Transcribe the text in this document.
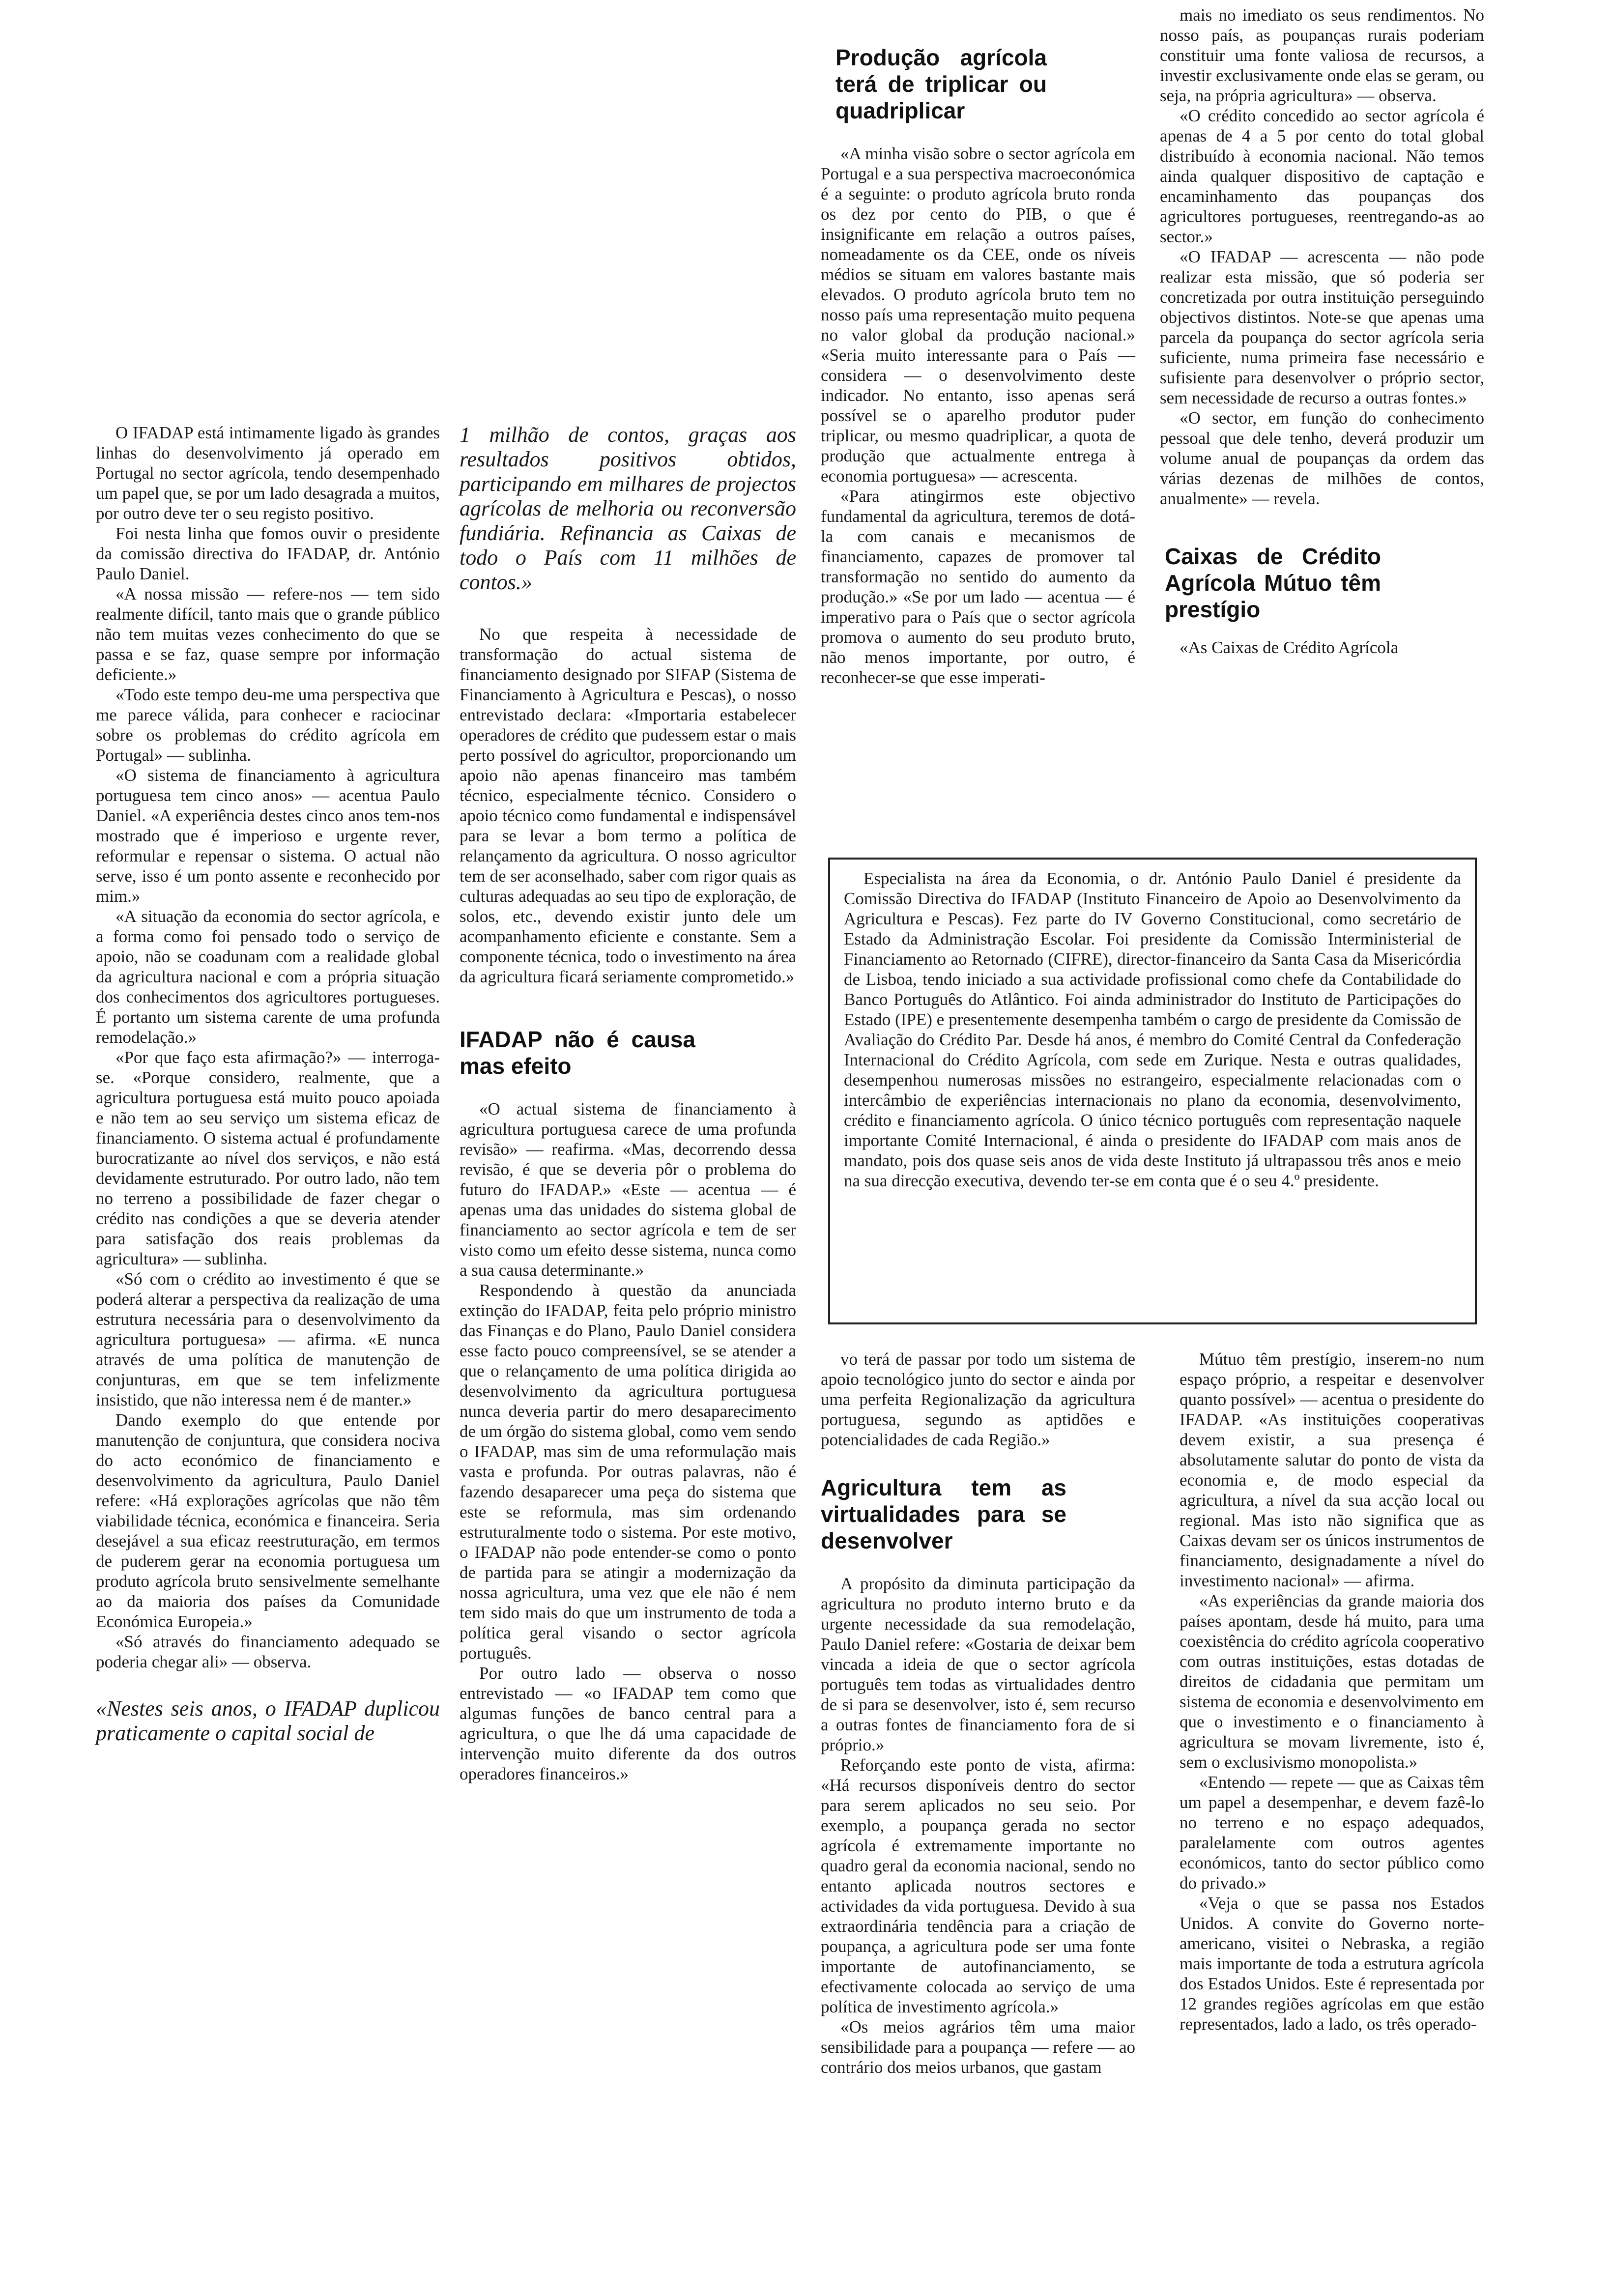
O IFADAP está intimamente ligado às grandes linhas do desenvolvimento já operado em Portugal no sector agrícola, tendo desempenhado um papel que, se por um lado desagrada a muitos, por outro deve ter o seu registo positivo.

Foi nesta linha que fomos ouvir o presidente da comissão directiva do IFADAP, dr. António Paulo Daniel.

«A nossa missão — refere-nos — tem sido realmente difícil, tanto mais que o grande público não tem muitas vezes conhecimento do que se passa e se faz, quase sempre por informação deficiente.»

«Todo este tempo deu-me uma perspectiva que me parece válida, para conhecer e raciocinar sobre os problemas do crédito agrícola em Portugal» — sublinha.

«O sistema de financiamento à agricultura portuguesa tem cinco anos» — acentua Paulo Daniel. «A experiência destes cinco anos tem-nos mostrado que é imperioso e urgente rever, reformular e repensar o sistema. O actual não serve, isso é um ponto assente e reconhecido por mim.»

«A situação da economia do sector agrícola, e a forma como foi pensado todo o serviço de apoio, não se coadunam com a realidade global da agricultura nacional e com a própria situação dos conhecimentos dos agricultores portugueses. É portanto um sistema carente de uma profunda remodelação.»

«Por que faço esta afirmação?» — interroga-se. «Porque considero, realmente, que a agricultura portuguesa está muito pouco apoiada e não tem ao seu serviço um sistema eficaz de financiamento. O sistema actual é profundamente burocratizante ao nível dos serviços, e não está devidamente estruturado. Por outro lado, não tem no terreno a possibilidade de fazer chegar o crédito nas condições a que se deveria atender para satisfação dos reais problemas da agricultura» — sublinha.

«Só com o crédito ao investimento é que se poderá alterar a perspectiva da realização de uma estrutura necessária para o desenvolvimento da agricultura portuguesa» — afirma. «E nunca através de uma política de manutenção de conjunturas, em que se tem infelizmente insistido, que não interessa nem é de manter.»

Dando exemplo do que entende por manutenção de conjuntura, que considera nociva do acto económico de financiamento e desenvolvimento da agricultura, Paulo Daniel refere: «Há explorações agrícolas que não têm viabilidade técnica, económica e financeira. Seria desejável a sua eficaz reestruturação, em termos de puderem gerar na economia portuguesa um produto agrícola bruto sensivelmente semelhante ao da maioria dos países da Comunidade Económica Europeia.»

«Só através do financiamento adequado se poderia chegar ali» — observa.

«Nestes seis anos, o IFADAP duplicou praticamente o capital social de

1 milhão de contos, graças aos resultados positivos obtidos, participando em milhares de projectos agrícolas de melhoria ou reconversão fundiária. Refinancia as Caixas de todo o País com 11 milhões de contos.»

No que respeita à necessidade de transformação do actual sistema de financiamento designado por SIFAP (Sistema de Financiamento à Agricultura e Pescas), o nosso entrevistado declara: «Importaria estabelecer operadores de crédito que pudessem estar o mais perto possível do agricultor, proporcionando um apoio não apenas financeiro mas também técnico, especialmente técnico. Considero o apoio técnico como fundamental e indispensável para se levar a bom termo a política de relançamento da agricultura. O nosso agricultor tem de ser aconselhado, saber com rigor quais as culturas adequadas ao seu tipo de exploração, de solos, etc., devendo existir junto dele um acompanhamento eficiente e constante. Sem a componente técnica, todo o investimento na área da agricultura ficará seriamente comprometido.»

IFADAP não é causa mas efeito

«O actual sistema de financiamento à agricultura portuguesa carece de uma profunda revisão» — reafirma. «Mas, decorrendo dessa revisão, é que se deveria pôr o problema do futuro do IFADAP.» «Este — acentua — é apenas uma das unidades do sistema global de financiamento ao sector agrícola e tem de ser visto como um efeito desse sistema, nunca como a sua causa determinante.»

Respondendo à questão da anunciada extinção do IFADAP, feita pelo próprio ministro das Finanças e do Plano, Paulo Daniel considera esse facto pouco compreensível, se se atender a que o relançamento de uma política dirigida ao desenvolvimento da agricultura portuguesa nunca deveria partir do mero desaparecimento de um órgão do sistema global, como vem sendo o IFADAP, mas sim de uma reformulação mais vasta e profunda. Por outras palavras, não é fazendo desaparecer uma peça do sistema que este se reformula, mas sim ordenando estruturalmente todo o sistema. Por este motivo, o IFADAP não pode entender-se como o ponto de partida para se atingir a modernização da nossa agricultura, uma vez que ele não é nem tem sido mais do que um instrumento de toda a política geral visando o sector agrícola português.

Por outro lado — observa o nosso entrevistado — «o IFADAP tem como que algumas funções de banco central para a agricultura, o que lhe dá uma capacidade de intervenção muito diferente da dos outros operadores financeiros.»

Produção agrícola terá de triplicar ou quadriplicar

«A minha visão sobre o sector agrícola em Portugal e a sua perspectiva macroeconómica é a seguinte: o produto agrícola bruto ronda os dez por cento do PIB, o que é insignificante em relação a outros países, nomeadamente os da CEE, onde os níveis médios se situam em valores bastante mais elevados. O produto agrícola bruto tem no nosso país uma representação muito pequena no valor global da produção nacional.» «Seria muito interessante para o País — considera — o desenvolvimento deste indicador. No entanto, isso apenas será possível se o aparelho produtor puder triplicar, ou mesmo quadriplicar, a quota de produção que actualmente entrega à economia portuguesa» — acrescenta.

«Para atingirmos este objectivo fundamental da agricultura, teremos de dotá-la com canais e mecanismos de financiamento, capazes de promover tal transformação no sentido do aumento da produção.» «Se por um lado — acentua — é imperativo para o País que o sector agrícola promova o aumento do seu produto bruto, não menos importante, por outro, é reconhecer-se que esse imperati-

Especialista na área da Economia, o dr. António Paulo Daniel é presidente da Comissão Directiva do IFADAP (Instituto Financeiro de Apoio ao Desenvolvimento da Agricultura e Pescas). Fez parte do IV Governo Constitucional, como secretário de Estado da Administração Escolar. Foi presidente da Comissão Interministerial de Financiamento ao Retornado (CIFRE), director-financeiro da Santa Casa da Misericórdia de Lisboa, tendo iniciado a sua actividade profissional como chefe da Contabilidade do Banco Português do Atlântico. Foi ainda administrador do Instituto de Participações do Estado (IPE) e presentemente desempenha também o cargo de presidente da Comissão de Avaliação do Crédito Par. Desde há anos, é membro do Comité Central da Confederação Internacional do Crédito Agrícola, com sede em Zurique. Nesta e outras qualidades, desempenhou numerosas missões no estrangeiro, especialmente relacionadas com o intercâmbio de experiências internacionais no plano da economia, desenvolvimento, crédito e financiamento agrícola. O único técnico português com representação naquele importante Comité Internacional, é ainda o presidente do IFADAP com mais anos de mandato, pois dos quase seis anos de vida deste Instituto já ultrapassou três anos e meio na sua direcção executiva, devendo ter-se em conta que é o seu 4.º presidente.

vo terá de passar por todo um sistema de apoio tecnológico junto do sector e ainda por uma perfeita Regionalização da agricultura portuguesa, segundo as aptidões e potencialidades de cada Região.»

Agricultura tem as virtualidades para se desenvolver

A propósito da diminuta participação da agricultura no produto interno bruto e da urgente necessidade da sua remodelação, Paulo Daniel refere: «Gostaria de deixar bem vincada a ideia de que o sector agrícola português tem todas as virtualidades dentro de si para se desenvolver, isto é, sem recurso a outras fontes de financiamento fora de si próprio.»

Reforçando este ponto de vista, afirma: «Há recursos disponíveis dentro do sector para serem aplicados no seu seio. Por exemplo, a poupança gerada no sector agrícola é extremamente importante no quadro geral da economia nacional, sendo no entanto aplicada noutros sectores e actividades da vida portuguesa. Devido à sua extraordinária tendência para a criação de poupança, a agricultura pode ser uma fonte importante de autofinanciamento, se efectivamente colocada ao serviço de uma política de investimento agrícola.»

«Os meios agrários têm uma maior sensibilidade para a poupança — refere — ao contrário dos meios urbanos, que gastam

mais no imediato os seus rendimentos. No nosso país, as poupanças rurais poderiam constituir uma fonte valiosa de recursos, a investir exclusivamente onde elas se geram, ou seja, na própria agricultura» — observa.

«O crédito concedido ao sector agrícola é apenas de 4 a 5 por cento do total global distribuído à economia nacional. Não temos ainda qualquer dispositivo de captação e encaminhamento das poupanças dos agricultores portugueses, reentregando-as ao sector.»

«O IFADAP — acrescenta — não pode realizar esta missão, que só poderia ser concretizada por outra instituição perseguindo objectivos distintos. Note-se que apenas uma parcela da poupança do sector agrícola seria suficiente, numa primeira fase necessário e sufisiente para desenvolver o próprio sector, sem necessidade de recurso a outras fontes.»

«O sector, em função do conhecimento pessoal que dele tenho, deverá produzir um volume anual de poupanças da ordem das várias dezenas de milhões de contos, anualmente» — revela.

Caixas de Crédito Agrícola Mútuo têm prestígio

«As Caixas de Crédito Agrícola

Mútuo têm prestígio, inserem-no num espaço próprio, a respeitar e desenvolver quanto possível» — acentua o presidente do IFADAP. «As instituições cooperativas devem existir, a sua presença é absolutamente salutar do ponto de vista da economia e, de modo especial da agricultura, a nível da sua acção local ou regional. Mas isto não significa que as Caixas devam ser os únicos instrumentos de financiamento, designadamente a nível do investimento nacional» — afirma.

«As experiências da grande maioria dos países apontam, desde há muito, para uma coexistência do crédito agrícola cooperativo com outras instituições, estas dotadas de direitos de cidadania que permitam um sistema de economia e desenvolvimento em que o investimento e o financiamento à agricultura se movam livremente, isto é, sem o exclusivismo monopolista.»

«Entendo — repete — que as Caixas têm um papel a desempenhar, e devem fazê-lo no terreno e no espaço adequados, paralelamente com outros agentes económicos, tanto do sector público como do privado.»

«Veja o que se passa nos Estados Unidos. A convite do Governo norte-americano, visitei o Nebraska, a região mais importante de toda a estrutura agrícola dos Estados Unidos. Este é representada por 12 grandes regiões agrícolas em que estão representados, lado a lado, os três operado-
